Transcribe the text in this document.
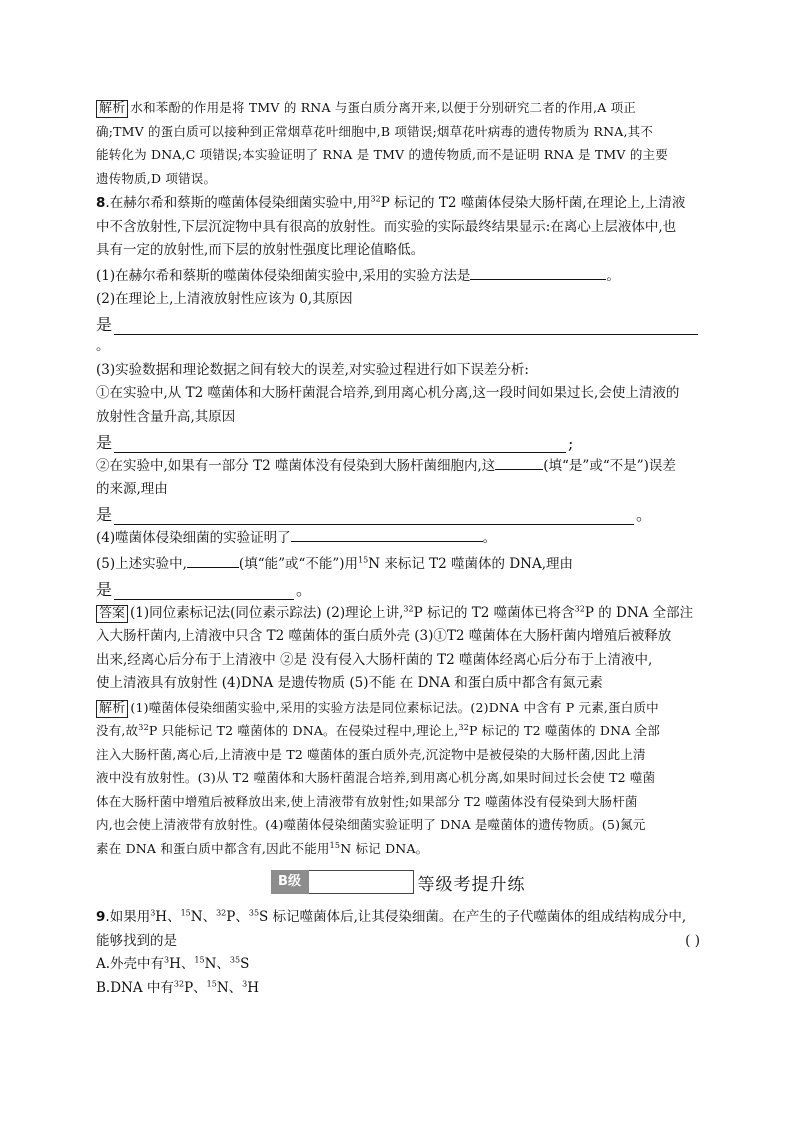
解析 水和苯酚的作用是将 TMV 的 RNA 与蛋白质分离开来,以便于分别研究二者的作用,A 项正

确;TMV 的蛋白质可以接种到正常烟草花叶细胞中,B 项错误;烟草花叶病毒的遗传物质为 RNA,其不

能转化为 DNA,C 项错误;本实验证明了 RNA 是 TMV 的遗传物质,而不是证明 RNA 是 TMV 的主要

遗传物质,D 项错误。

8.在赫尔希和蔡斯的噬菌体侵染细菌实验中,用$^{32}$P 标记的 T2 噬菌体侵染大肠杆菌,在理论上,上清液

中不含放射性,下层沉淀物中具有很高的放射性。而实验的实际最终结果显示:在离心上层液体中,也

具有一定的放射性,而下层的放射性强度比理论值略低。

(1)在赫尔希和蔡斯的噬菌体侵染细菌实验中,采用的实验方法是	。

(2)在理论上,上清液放射性应该为 0,其原因

是

。

(3)实验数据和理论数据之间有较大的误差,对实验过程进行如下误差分析:

①在实验中,从 T2 噬菌体和大肠杆菌混合培养,到用离心机分离,这一段时间如果过长,会使上清液的

放射性含量升高,其原因

是	;

②在实验中,如果有一部分 T2 噬菌体没有侵染到大肠杆菌细胞内,这	(填“是”或“不是”)误差

的来源,理由

是	。

(4)噬菌体侵染细菌的实验证明了	。

(5)上述实验中,	(填“能”或“不能”)用$^{15}$N 来标记 T2 噬菌体的 DNA,理由

是	。

答案 (1)同位素标记法(同位素示踪法) (2)理论上讲,$^{32}$P 标记的 T2 噬菌体已将含$^{32}$P 的 DNA 全部注

入大肠杆菌内,上清液中只含 T2 噬菌体的蛋白质外壳 (3)①T2 噬菌体在大肠杆菌内增殖后被释放

出来,经离心后分布于上清液中 ②是 没有侵入大肠杆菌的 T2 噬菌体经离心后分布于上清液中,

使上清液具有放射性 (4)DNA 是遗传物质 (5)不能 在 DNA 和蛋白质中都含有氮元素

解析 (1)噬菌体侵染细菌实验中,采用的实验方法是同位素标记法。(2)DNA 中含有 P 元素,蛋白质中

没有,故$^{32}$P 只能标记 T2 噬菌体的 DNA。在侵染过程中,理论上,$^{32}$P 标记的 T2 噬菌体的 DNA 全部

注入大肠杆菌,离心后,上清液中是 T2 噬菌体的蛋白质外壳,沉淀物中是被侵染的大肠杆菌,因此上清

液中没有放射性。(3)从 T2 噬菌体和大肠杆菌混合培养,到用离心机分离,如果时间过长会使 T2 噬菌

体在大肠杆菌中增殖后被释放出来,使上清液带有放射性;如果部分 T2 噬菌体没有侵染到大肠杆菌

内,也会使上清液带有放射性。(4)噬菌体侵染细菌实验证明了 DNA 是噬菌体的遗传物质。(5)氮元

素在 DNA 和蛋白质中都含有,因此不能用$^{15}$N 标记 DNA。

B级	等级考提升练

9.如果用$^3$H、$^{15}$N、$^{32}$P、$^{35}$S 标记噬菌体后,让其侵染细菌。在产生的子代噬菌体的组成结构成分中,

能够找到的是	( )

A.外壳中有$^3$H、$^{15}$N、$^{35}$S

B.DNA 中有$^{32}$P、$^{15}$N、$^3$H
